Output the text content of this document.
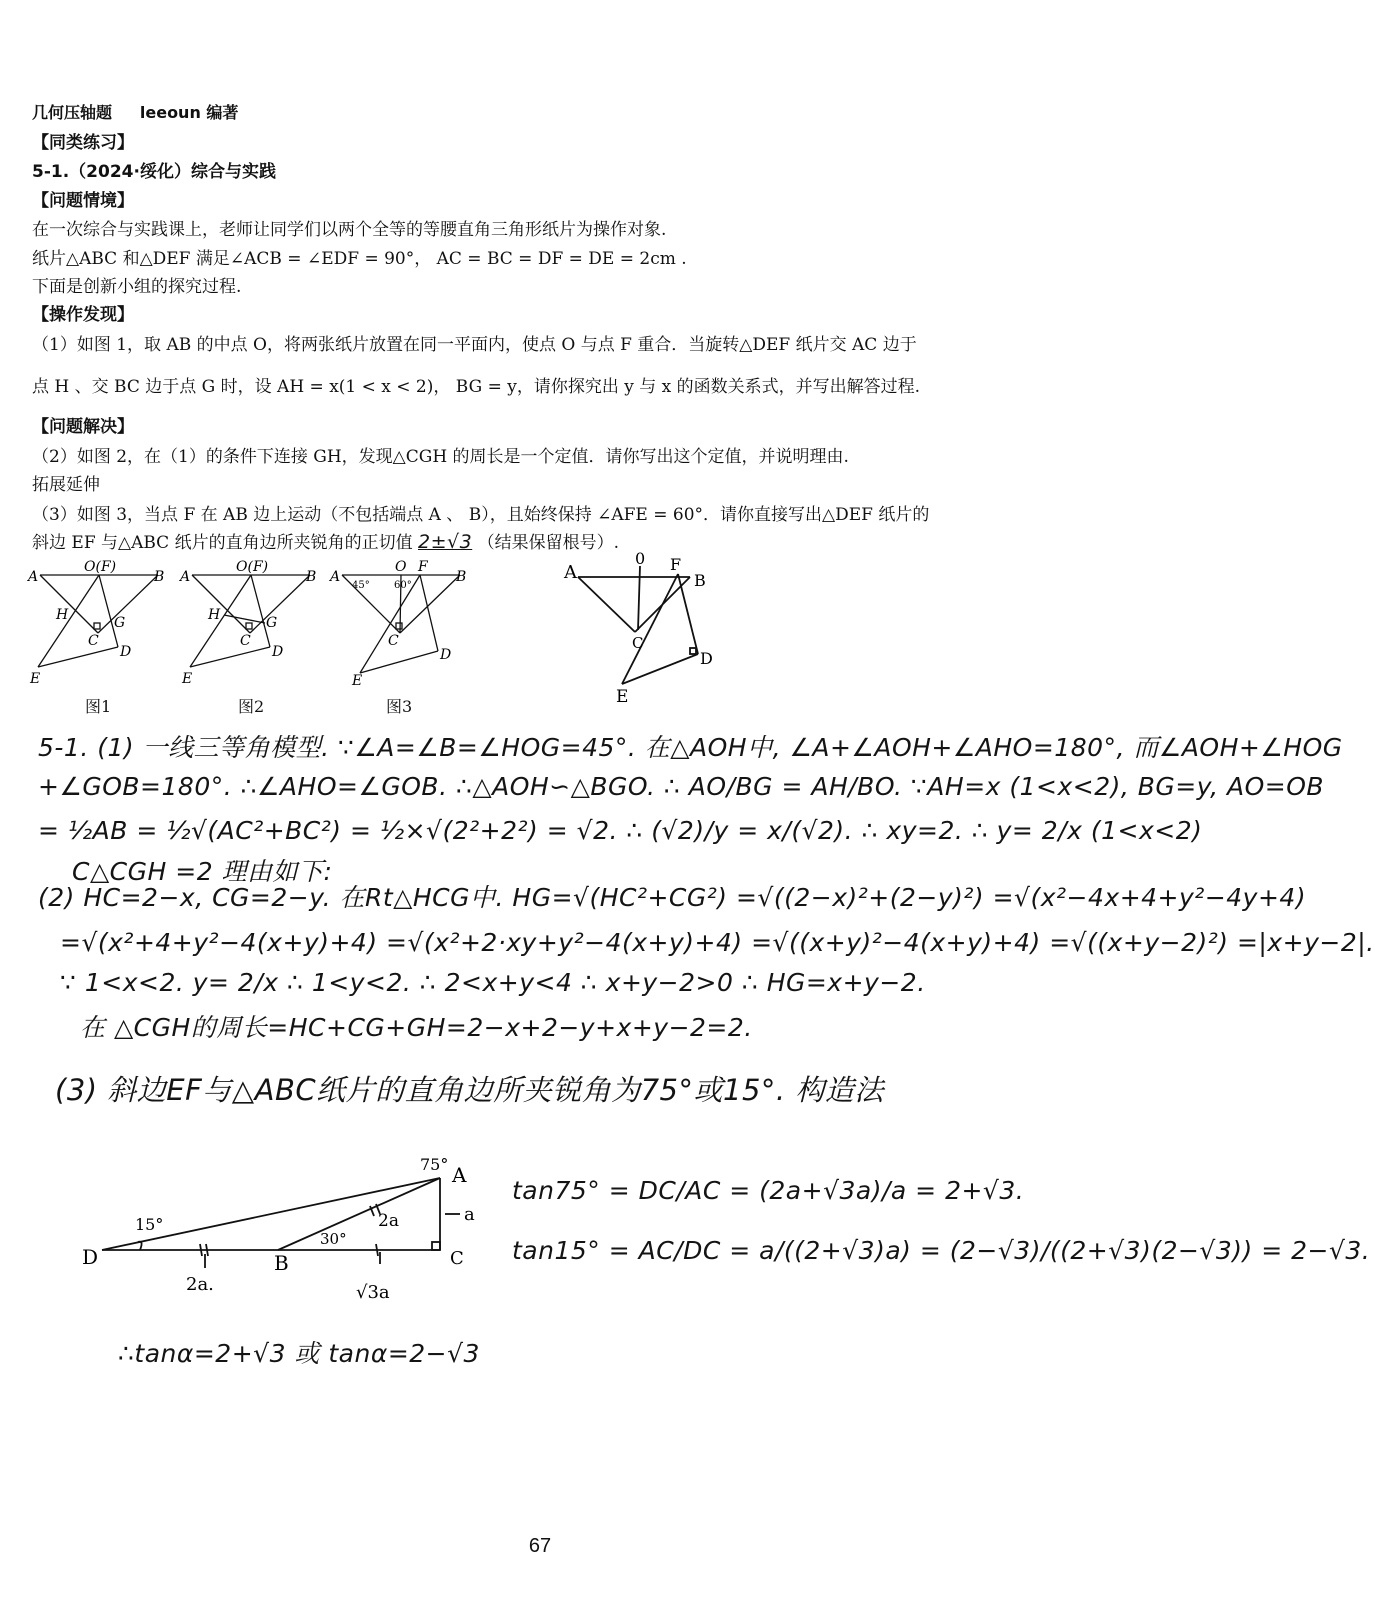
几何压轴题 leeoun 编著
【同类练习】
5-1.（2024·绥化）综合与实践
【问题情境】
在一次综合与实践课上，老师让同学们以两个全等的等腰直角三角形纸片为操作对象.
纸片△ABC 和△DEF 满足∠ACB = ∠EDF = 90°， AC = BC = DF = DE = 2cm .
下面是创新小组的探究过程.
【操作发现】
（1）如图 1，取 AB 的中点 O，将两张纸片放置在同一平面内，使点 O 与点 F 重合．当旋转△DEF 纸片交 AC 边于
点 H 、交 BC 边于点 G 时，设 AH = x(1 < x < 2)， BG = y，请你探究出 y 与 x 的函数关系式，并写出解答过程.
【问题解决】
（2）如图 2，在（1）的条件下连接 GH，发现△CGH 的周长是一个定值．请你写出这个定值，并说明理由.
拓展延伸
（3）如图 3，当点 F 在 AB 边上运动（不包括端点 A 、 B），且始终保持 ∠AFE = 60°．请你直接写出△DEF 纸片的
斜边 EF 与△ABC 纸片的直角边所夹锐角的正切值 2±√3 （结果保留根号）.
A
O(F)
B
H	G
C
D
E
图1
A
O(F)
B
H	G
C
D
E
图2
A
45°
O F
60°
B
C
D
E
图3
A
0 F
B
C
D
E
5-1. (1) 一线三等角模型. ∵∠A=∠B=∠HOG=45°. 在△AOH中, ∠A+∠AOH+∠AHO=180°, 而∠AOH+∠HOG
+∠GOB=180°. ∴∠AHO=∠GOB. ∴△AOH∽△BGO. ∴ AO/BG = AH/BO. ∵AH=x (1<x<2), BG=y, AO=OB
= ½AB = ½√(AC²+BC²) = ½×√(2²+2²) = √2. ∴ (√2)/y = x/(√2). ∴ xy=2. ∴ y= 2/x (1<x<2)
C△CGH =2 理由如下:
(2) HC=2−x, CG=2−y. 在Rt△HCG中. HG=√(HC²+CG²) =√((2−x)²+(2−y)²) =√(x²−4x+4+y²−4y+4)
=√(x²+4+y²−4(x+y)+4) =√(x²+2·xy+y²−4(x+y)+4) =√((x+y)²−4(x+y)+4) =√((x+y−2)²) =|x+y−2|.
∵ 1<x<2. y= 2/x ∴ 1<y<2. ∴ 2<x+y<4 ∴ x+y−2>0 ∴ HG=x+y−2.
在 △CGH的周长=HC+CG+GH=2−x+2−y+x+y−2=2.
(3) 斜边EF与△ABC纸片的直角边所夹锐角为75°或15°. 构造法
D	B	C
A
75°
15°
30°
2a	a
2a.	√3a
tan75° = DC/AC = (2a+√3a)/a = 2+√3.
tan15° = AC/DC = a/((2+√3)a) = (2−√3)/((2+√3)(2−√3)) = 2−√3.
∴tanα=2+√3 或 tanα=2−√3
67
